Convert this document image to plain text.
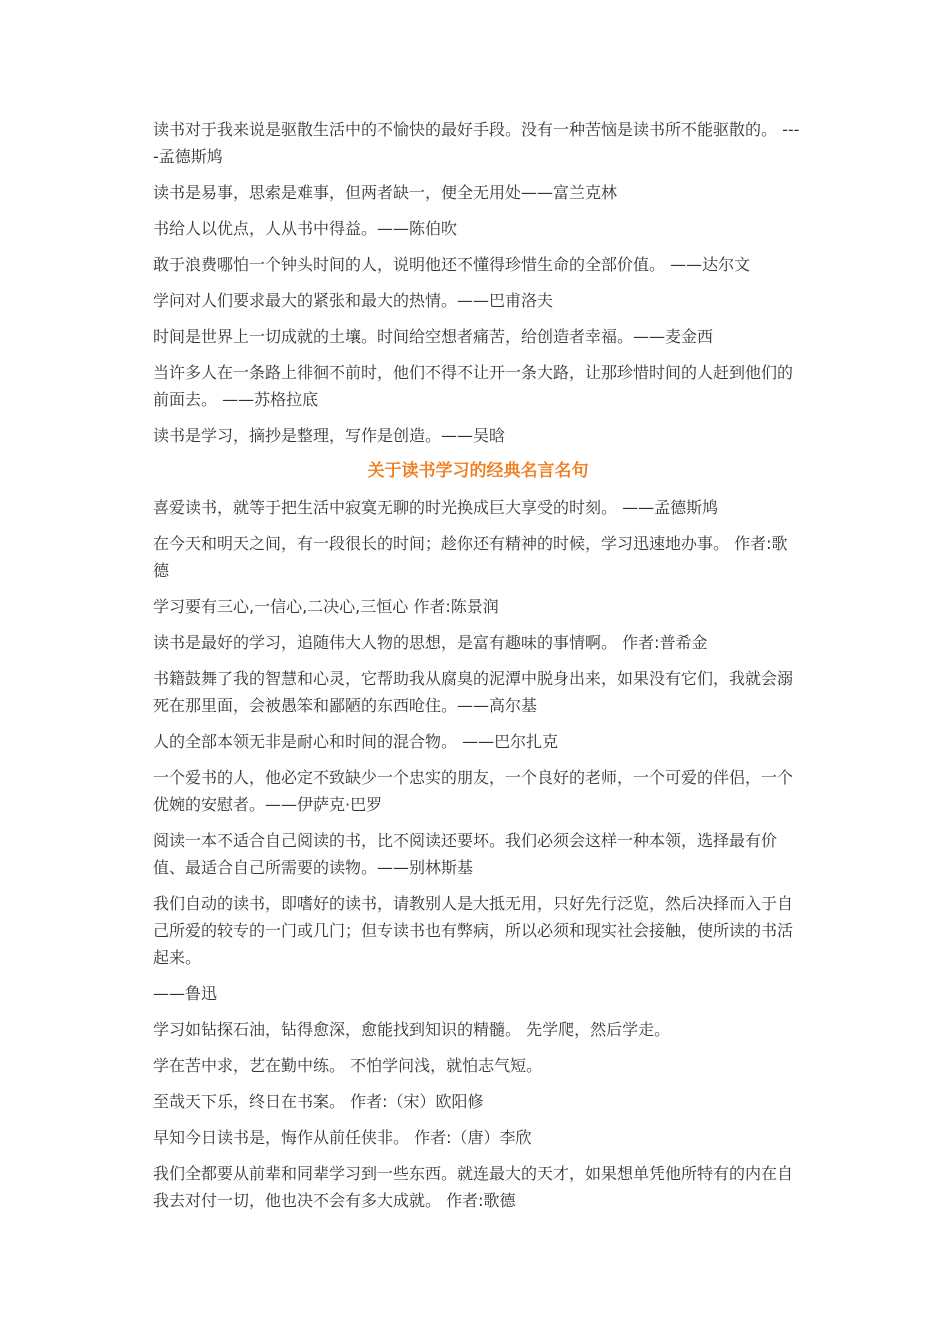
读书对于我来说是驱散生活中的不愉快的最好手段。没有一种苦恼是读书所不能驱散的。 ----孟德斯鸠

读书是易事，思索是难事，但两者缺一，便全无用处——富兰克林

书给人以优点，人从书中得益。——陈伯吹

敢于浪费哪怕一个钟头时间的人，说明他还不懂得珍惜生命的全部价值。 ——达尔文

学问对人们要求最大的紧张和最大的热情。——巴甫洛夫

时间是世界上一切成就的土壤。时间给空想者痛苦，给创造者幸福。——麦金西

当许多人在一条路上徘徊不前时，他们不得不让开一条大路，让那珍惜时间的人赶到他们的前面去。 ——苏格拉底

读书是学习，摘抄是整理，写作是创造。——吴晗

关于读书学习的经典名言名句

喜爱读书，就等于把生活中寂寞无聊的时光换成巨大享受的时刻。 ——孟德斯鸠

在今天和明天之间，有一段很长的时间；趁你还有精神的时候，学习迅速地办事。 作者:歌德

学习要有三心,一信心,二决心,三恒心 作者:陈景润

读书是最好的学习，追随伟大人物的思想，是富有趣味的事情啊。 作者:普希金

书籍鼓舞了我的智慧和心灵，它帮助我从腐臭的泥潭中脱身出来，如果没有它们，我就会溺死在那里面，会被愚笨和鄙陋的东西呛住。——高尔基

人的全部本领无非是耐心和时间的混合物。 ——巴尔扎克

一个爱书的人，他必定不致缺少一个忠实的朋友，一个良好的老师，一个可爱的伴侣，一个优婉的安慰者。——伊萨克·巴罗

阅读一本不适合自己阅读的书，比不阅读还要坏。我们必须会这样一种本领，选择最有价值、最适合自己所需要的读物。——别林斯基

我们自动的读书，即嗜好的读书，请教别人是大抵无用，只好先行泛览，然后决择而入于自己所爱的较专的一门或几门；但专读书也有弊病，所以必须和现实社会接触，使所读的书活起来。

——鲁迅

学习如钻探石油，钻得愈深，愈能找到知识的精髓。 先学爬，然后学走。

学在苦中求，艺在勤中练。 不怕学问浅，就怕志气短。

至哉天下乐，终日在书案。 作者:（宋）欧阳修

早知今日读书是，悔作从前任侠非。 作者:（唐）李欣

我们全都要从前辈和同辈学习到一些东西。就连最大的天才，如果想单凭他所特有的内在自我去对付一切，他也决不会有多大成就。 作者:歌德
